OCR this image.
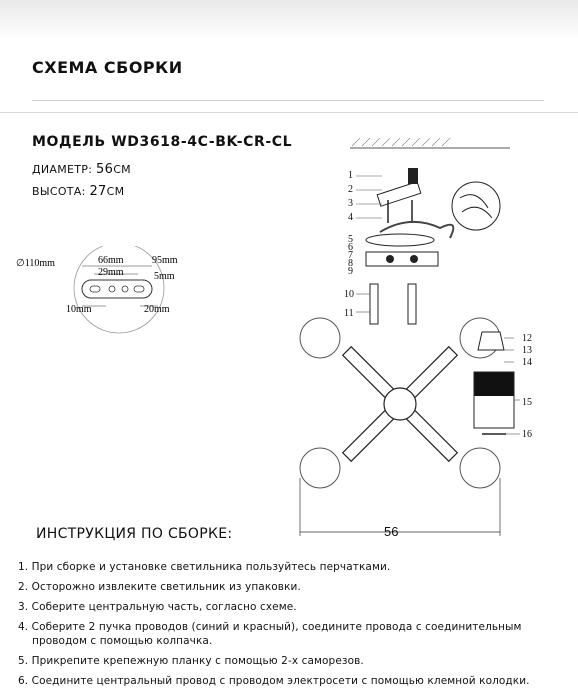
СХЕМА СБОРКИ
МОДЕЛЬ WD3618-4C-BK-CR-CL
ДИАМЕТР: 56СМ
ВЫСОТА: 27СМ
∅110mm	66mm	95mm
29mm	5mm
10mm	20mm
1
2
3
4
5
6
7
8
9
10
11
12
13
14
15
16
56
ИНСТРУКЦИЯ ПО СБОРКЕ:
1. При сборке и установке светильника пользуйтесь перчатками.
2. Осторожно извлеките светильник из упаковки.
3. Соберите центральную часть, согласно схеме.
4. Соберите 2 пучка проводов (синий и красный), соедините провода с соединительным проводом с помощью колпачка.
5. Прикрепите крепежную планку с помощью 2-х саморезов.
6. Соедините центральный провод с проводом электросети с помощью клемной колодки.
